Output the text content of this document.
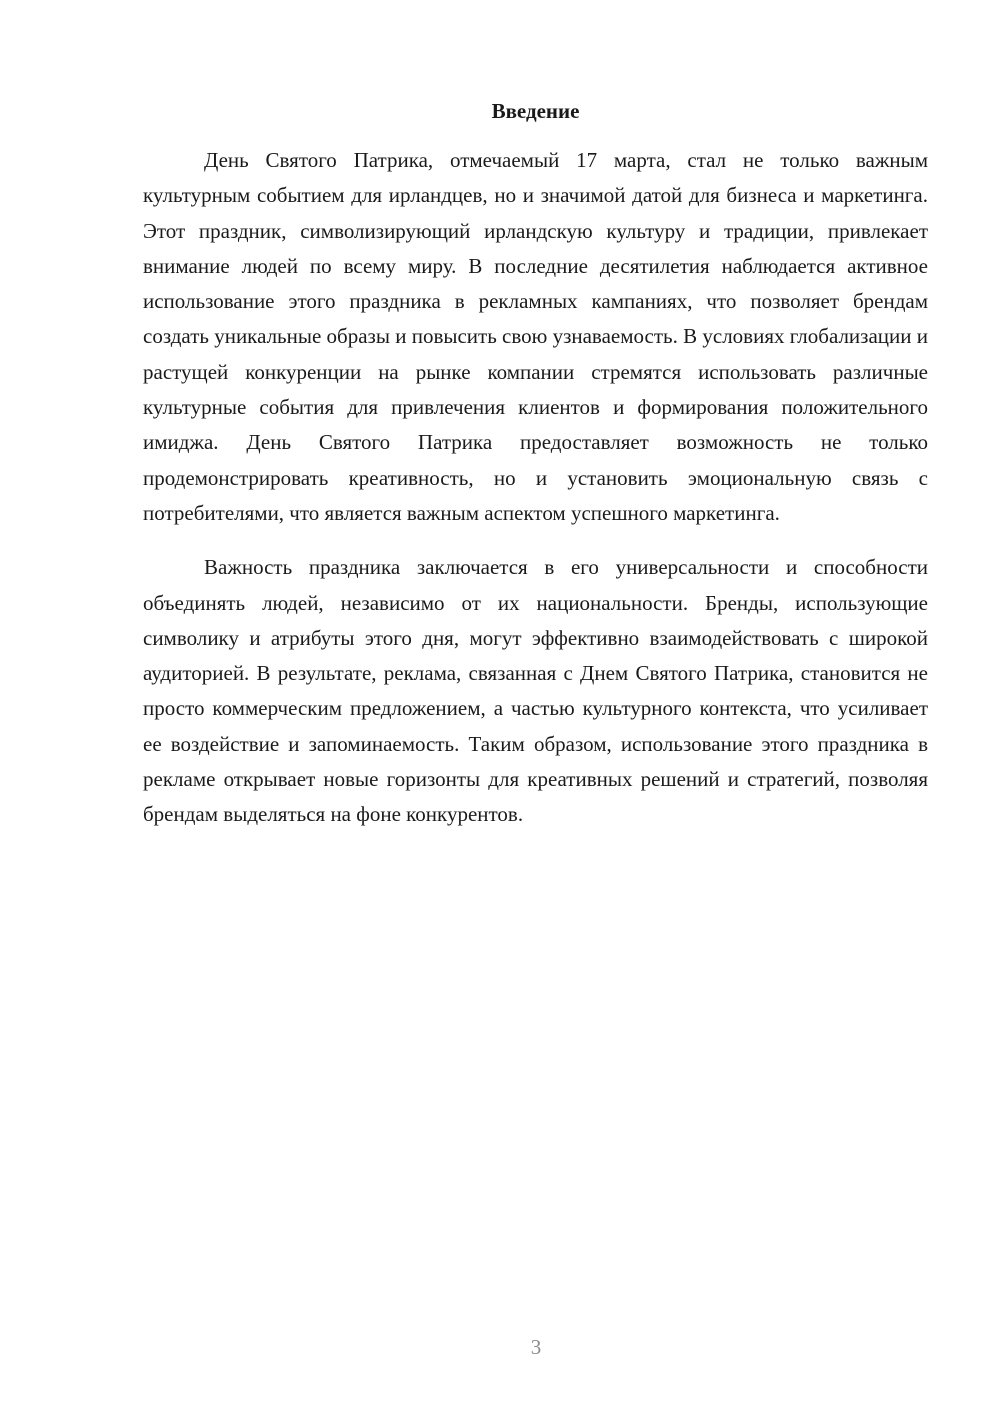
Введение

День Святого Патрика, отмечаемый 17 марта, стал не только важным культурным событием для ирландцев, но и значимой датой для бизнеса и маркетинга. Этот праздник, символизирующий ирландскую культуру и традиции, привлекает внимание людей по всему миру. В последние десятилетия наблюдается активное использование этого праздника в рекламных кампаниях, что позволяет брендам создать уникальные образы и повысить свою узнаваемость. В условиях глобализации и растущей конкуренции на рынке компании стремятся использовать различные культурные события для привлечения клиентов и формирования положительного имиджа. День Святого Патрика предоставляет возможность не только продемонстрировать креативность, но и установить эмоциональную связь с потребителями, что является важным аспектом успешного маркетинга.

Важность праздника заключается в его универсальности и способности объединять людей, независимо от их национальности. Бренды, использующие символику и атрибуты этого дня, могут эффективно взаимодействовать с широкой аудиторией. В результате, реклама, связанная с Днем Святого Патрика, становится не просто коммерческим предложением, а частью культурного контекста, что усиливает ее воздействие и запоминаемость. Таким образом, использование этого праздника в рекламе открывает новые горизонты для креативных решений и стратегий, позволяя брендам выделяться на фоне конкурентов.

3
